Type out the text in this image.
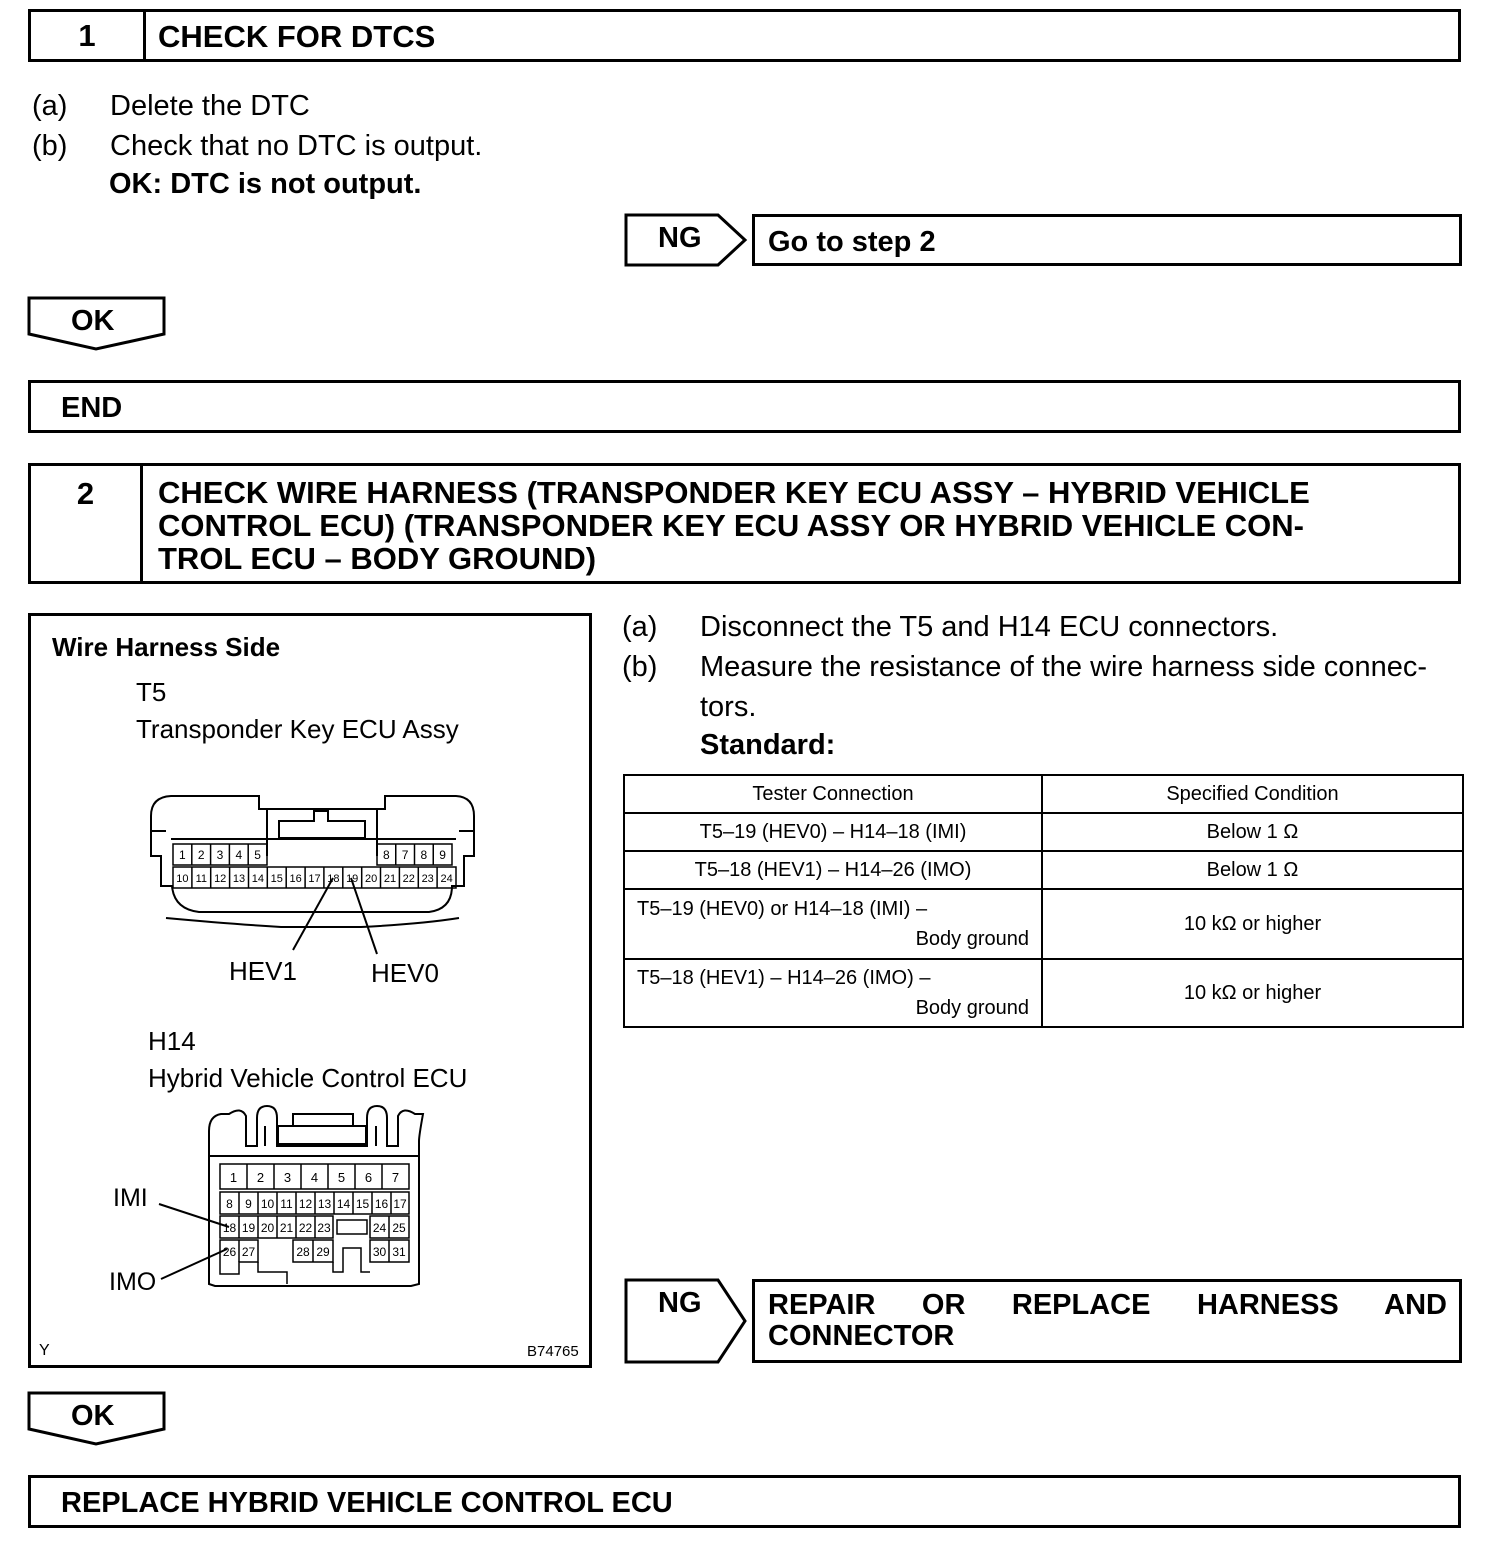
1	CHECK FOR DTCS
(a) Delete the DTC
(b) Check that no DTC is output.
OK: DTC is not output.
NG Go to step 2
OK
END
2	CHECK WIRE HARNESS (TRANSPONDER KEY ECU ASSY – HYBRID VEHICLE
CONTROL ECU) (TRANSPONDER KEY ECU ASSY OR HYBRID VEHICLE CON-
TROL ECU – BODY GROUND)
1 2 3 4 5	8 7 8 9
10 11 12 13 14 15 16 17 18 19 20 21 22 23 24
HEV1	HEV0
1 2 3 4 5 6 7
8 9 10 11 12 13 14 15 16 17
18 19 20 21 22 23	24 25
26 27	28 29	30 31
IMI
IMO
Wire Harness Side
T5
Transponder Key ECU Assy
H14
Hybrid Vehicle Control ECU
Y	B74765
(a) Disconnect the T5 and H14 ECU connectors.
(b) Measure the resistance of the wire harness side connec-
tors.
Standard:
Tester Connection	Specified Condition
T5–19 (HEV0) – H14–18 (IMI)	Below 1 Ω
T5–18 (HEV1) – H14–26 (IMO)	Below 1 Ω
T5–19 (HEV0) or H14–18 (IMI) –
Body ground	10 kΩ or higher
T5–18 (HEV1) – H14–26 (IMO) –
Body ground	10 kΩ or higher
NG REPAIR OR REPLACE HARNESS AND
CONNECTOR
OK
REPLACE HYBRID VEHICLE CONTROL ECU
